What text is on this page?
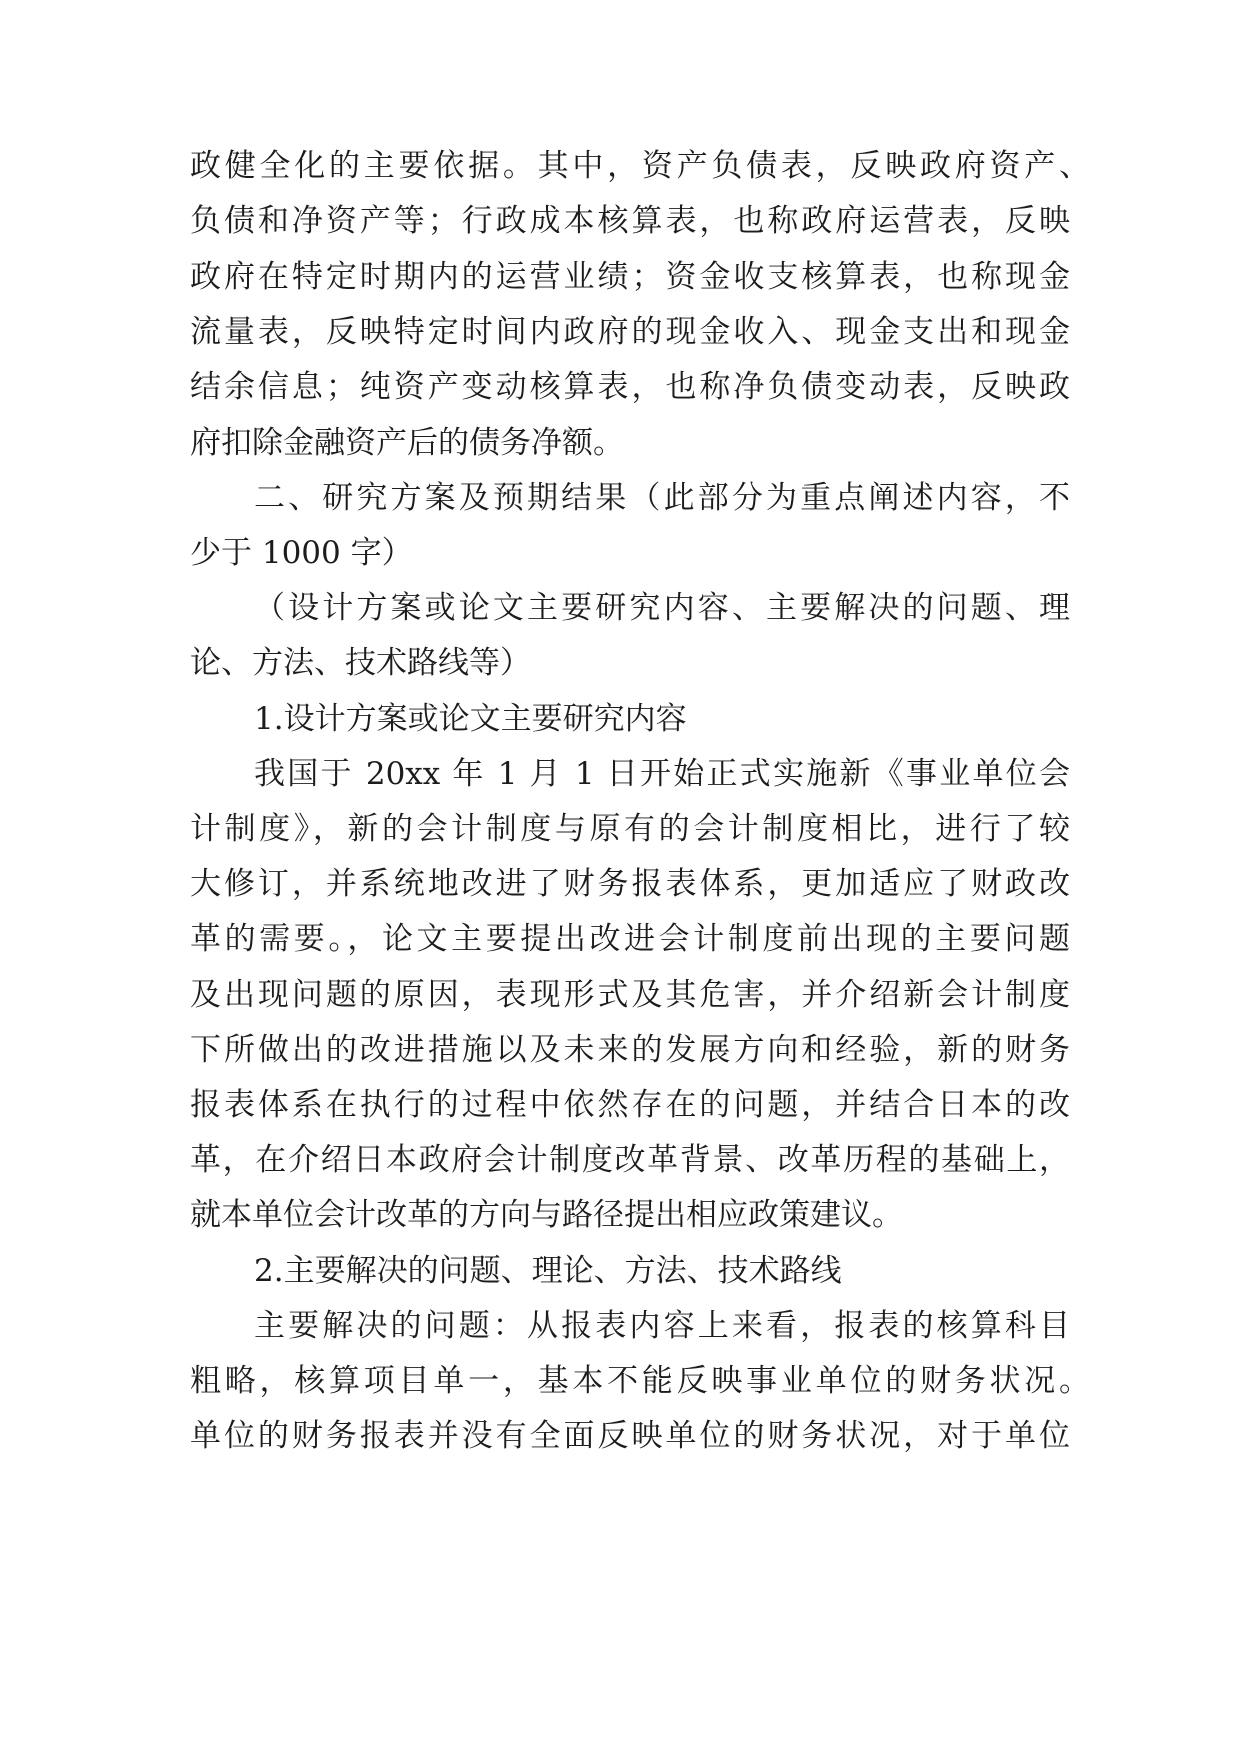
政健全化的主要依据。其中，资产负债表，反映政府资产、
负债和净资产等；行政成本核算表，也称政府运营表，反映
政府在特定时期内的运营业绩；资金收支核算表，也称现金
流量表，反映特定时间内政府的现金收入、现金支出和现金
结余信息；纯资产变动核算表，也称净负债变动表，反映政
府扣除金融资产后的债务净额。
二、研究方案及预期结果（此部分为重点阐述内容，不
少于 1000 字）
（设计方案或论文主要研究内容、主要解决的问题、理
论、方法、技术路线等）
1.设计方案或论文主要研究内容
我国于 20xx 年 1 月 1 日开始正式实施新《事业单位会
计制度》，新的会计制度与原有的会计制度相比，进行了较
大修订，并系统地改进了财务报表体系，更加适应了财政改
革的需要。，论文主要提出改进会计制度前出现的主要问题
及出现问题的原因，表现形式及其危害，并介绍新会计制度
下所做出的改进措施以及未来的发展方向和经验，新的财务
报表体系在执行的过程中依然存在的问题，并结合日本的改
革，在介绍日本政府会计制度改革背景、改革历程的基础上，
就本单位会计改革的方向与路径提出相应政策建议。
2.主要解决的问题、理论、方法、技术路线
主要解决的问题：从报表内容上来看，报表的核算科目
粗略，核算项目单一，基本不能反映事业单位的财务状况。
单位的财务报表并没有全面反映单位的财务状况，对于单位
